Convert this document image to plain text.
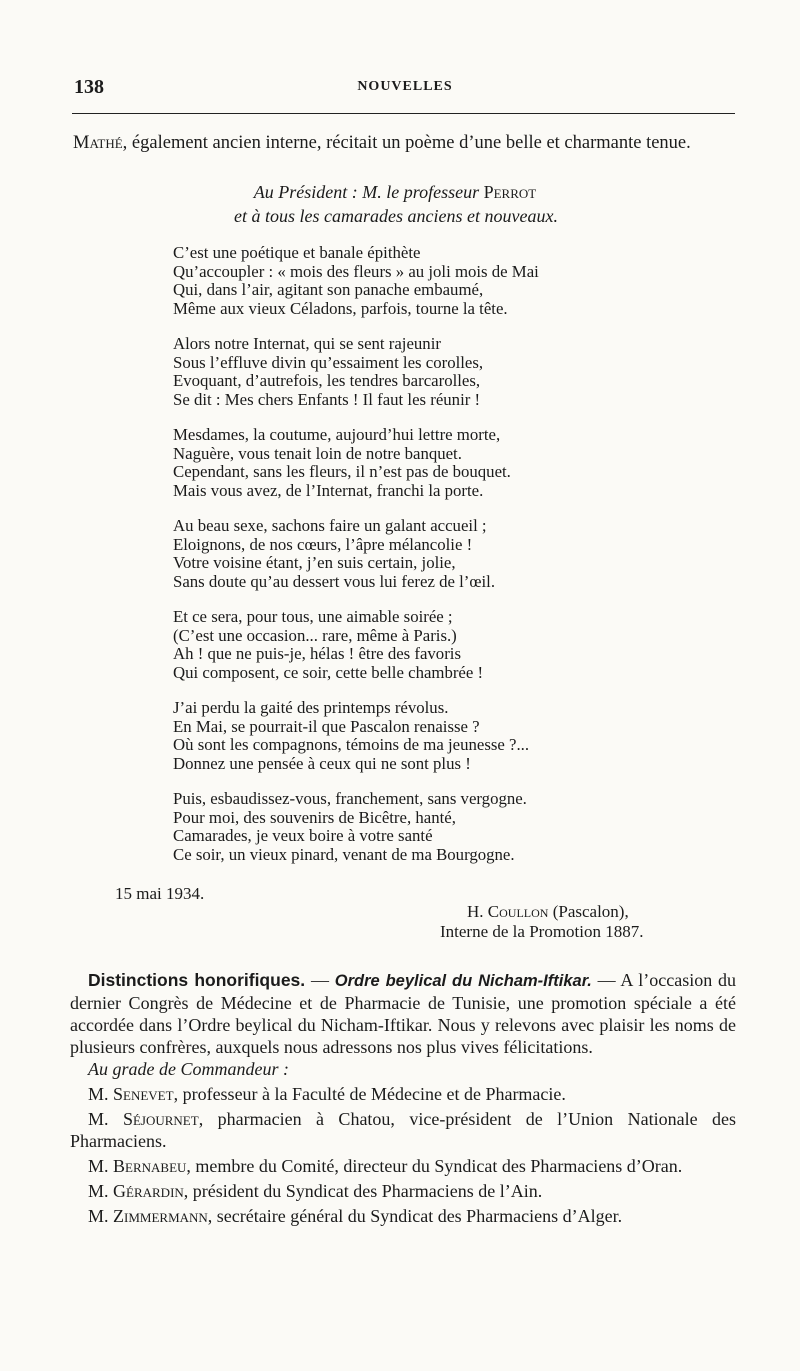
138	NOUVELLES
Mathé, également ancien interne, récitait un poème d’une belle et charmante tenue.
Au Président : M. le professeur Perrot
et à tous les camarades anciens et nouveaux.
C’est une poétique et banale épithète
Qu’accoupler : « mois des fleurs » au joli mois de Mai
Qui, dans l’air, agitant son panache embaumé,
Même aux vieux Céladons, parfois, tourne la tête.
Alors notre Internat, qui se sent rajeunir
Sous l’effluve divin qu’essaiment les corolles,
Evoquant, d’autrefois, les tendres barcarolles,
Se dit : Mes chers Enfants ! Il faut les réunir !
Mesdames, la coutume, aujourd’hui lettre morte,
Naguère, vous tenait loin de notre banquet.
Cependant, sans les fleurs, il n’est pas de bouquet.
Mais vous avez, de l’Internat, franchi la porte.
Au beau sexe, sachons faire un galant accueil ;
Eloignons, de nos cœurs, l’âpre mélancolie !
Votre voisine étant, j’en suis certain, jolie,
Sans doute qu’au dessert vous lui ferez de l’œil.
Et ce sera, pour tous, une aimable soirée ;
(C’est une occasion... rare, même à Paris.)
Ah ! que ne puis-je, hélas ! être des favoris
Qui composent, ce soir, cette belle chambrée !
J’ai perdu la gaité des printemps révolus.
En Mai, se pourrait-il que Pascalon renaisse ?
Où sont les compagnons, témoins de ma jeunesse ?...
Donnez une pensée à ceux qui ne sont plus !
Puis, esbaudissez-vous, franchement, sans vergogne.
Pour moi, des souvenirs de Bicêtre, hanté,
Camarades, je veux boire à votre santé
Ce soir, un vieux pinard, venant de ma Bourgogne.
15 mai 1934.
H. Coullon (Pascalon),
Interne de la Promotion 1887.

Distinctions honorifiques. — Ordre beylical du Nicham-Iftikar. — A l’occasion du dernier Congrès de Médecine et de Pharmacie de Tunisie, une promotion spéciale a été accordée dans l’Ordre beylical du Nicham-Iftikar. Nous y relevons avec plaisir les noms de plusieurs confrères, auxquels nous adressons nos plus vives félicitations.

Au grade de Commandeur :

M. Senevet, professeur à la Faculté de Médecine et de Pharmacie.

M. Séjournet, pharmacien à Chatou, vice-président de l’Union Nationale des Pharmaciens.

M. Bernabeu, membre du Comité, directeur du Syndicat des Pharmaciens d’Oran.

M. Gérardin, président du Syndicat des Pharmaciens de l’Ain.

M. Zimmermann, secrétaire général du Syndicat des Pharmaciens d’Alger.
